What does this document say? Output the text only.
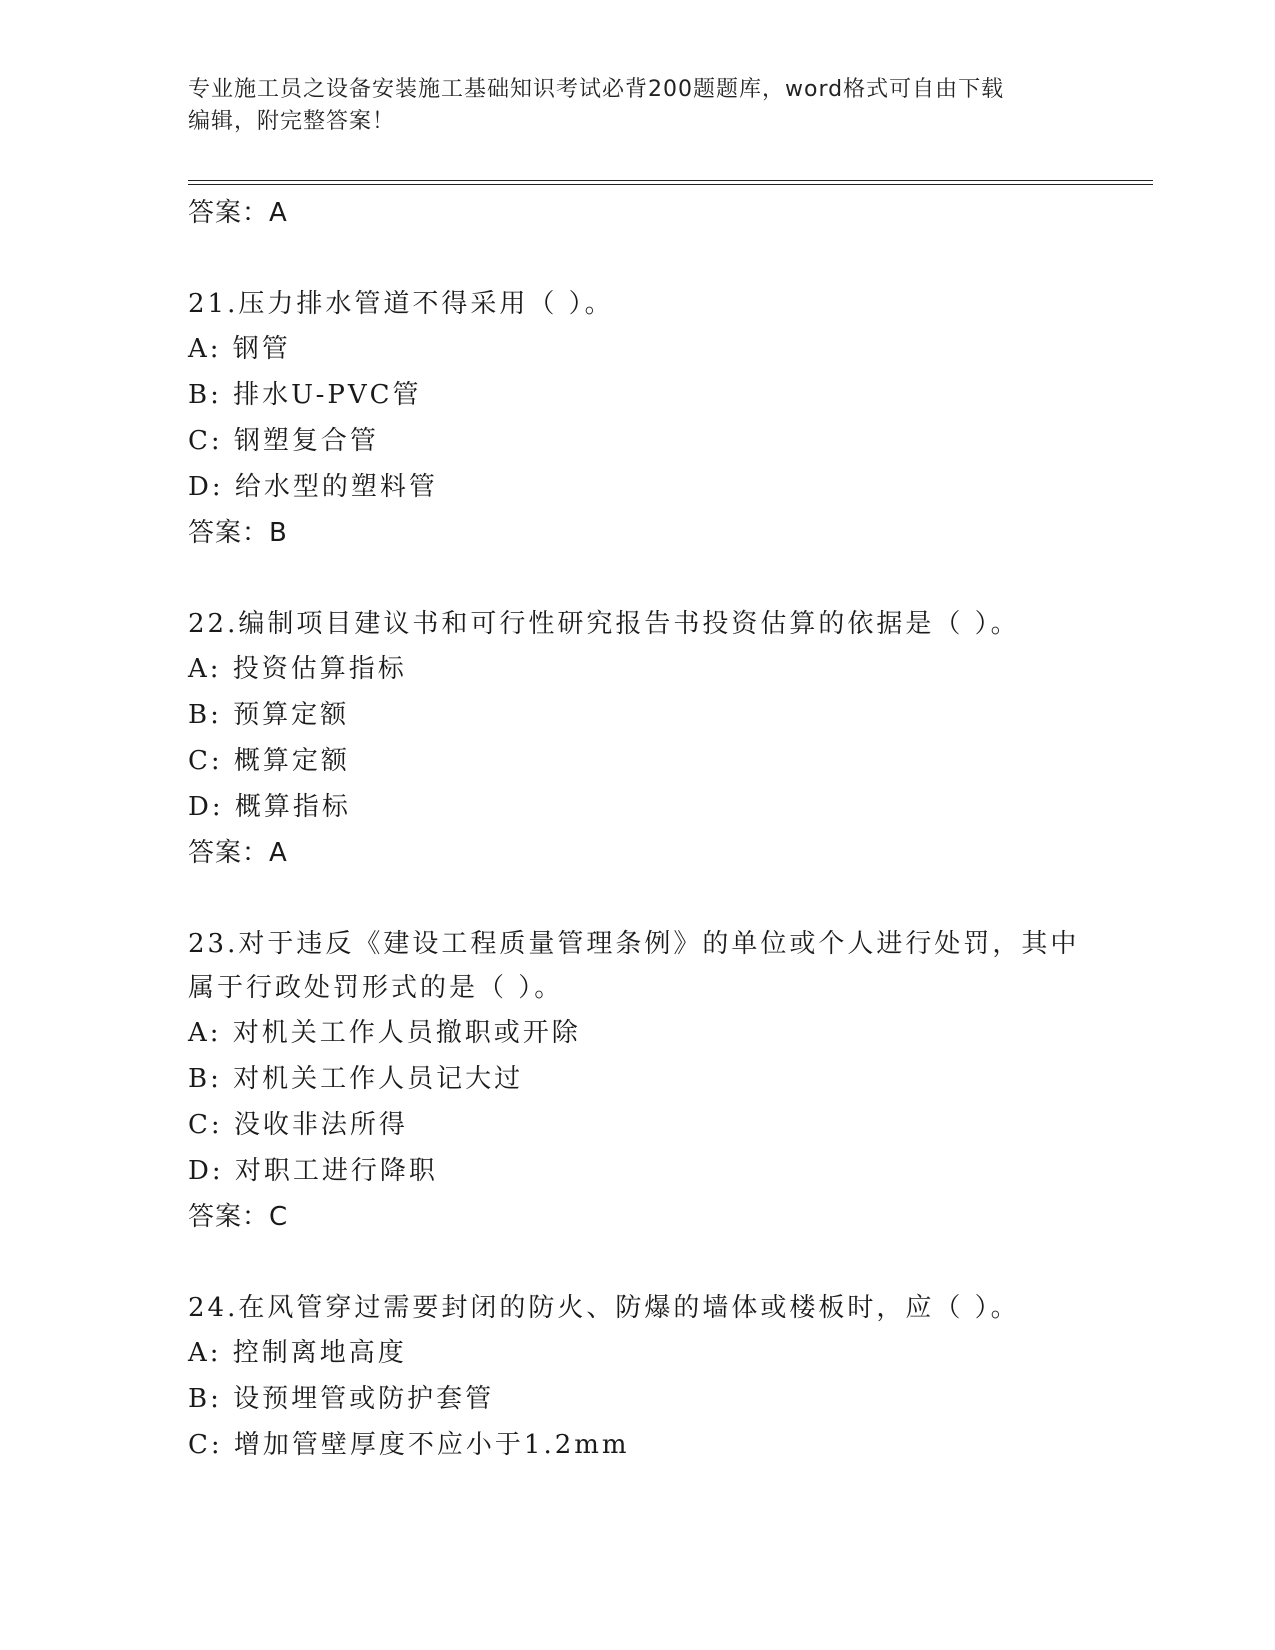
专业施工员之设备安装施工基础知识考试必背200题题库，word格式可自由下载
编辑，附完整答案！
答案：A
21.压力排水管道不得采用（ ）。
A: 钢管
B: 排水U-PVC管
C: 钢塑复合管
D: 给水型的塑料管
答案：B
22.编制项目建议书和可行性研究报告书投资估算的依据是（ ）。
A: 投资估算指标
B: 预算定额
C: 概算定额
D: 概算指标
答案：A
23.对于违反《建设工程质量管理条例》的单位或个人进行处罚，其中
属于行政处罚形式的是（ ）。
A: 对机关工作人员撤职或开除
B: 对机关工作人员记大过
C: 没收非法所得
D: 对职工进行降职
答案：C
24.在风管穿过需要封闭的防火、防爆的墙体或楼板时，应（ ）。
A: 控制离地高度
B: 设预埋管或防护套管
C: 增加管壁厚度不应小于1.2mm
